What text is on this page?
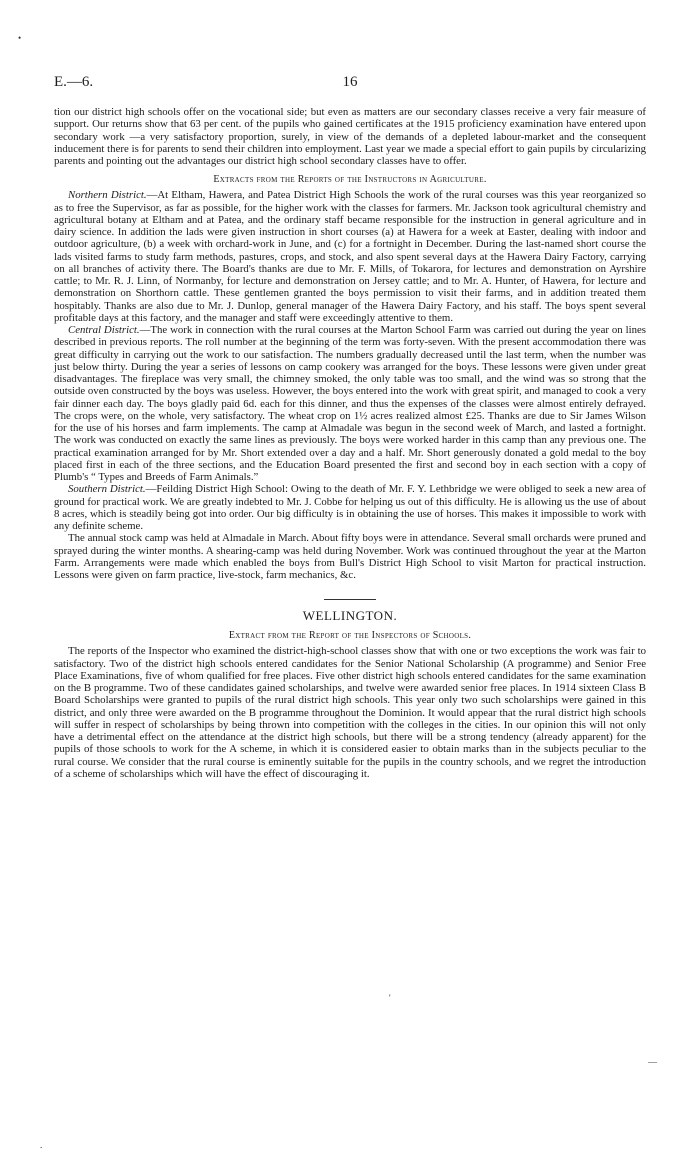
•
'
—
.
E.—6.	16

tion our district high schools offer on the vocational side; but even as matters are our secondary classes receive a very fair measure of support. Our returns show that 63 per cent. of the pupils who gained certificates at the 1915 proficiency examination have entered upon secondary work —a very satisfactory proportion, surely, in view of the demands of a depleted labour-market and the consequent inducement there is for parents to send their children into employment. Last year we made a special effort to gain pupils by circularizing parents and pointing out the advantages our district high school secondary classes have to offer.

Extracts from the Reports of the Instructors in Agriculture.

Northern District.—At Eltham, Hawera, and Patea District High Schools the work of the rural courses was this year reorganized so as to free the Supervisor, as far as possible, for the higher work with the classes for farmers. Mr. Jackson took agricultural chemistry and agricultural botany at Eltham and at Patea, and the ordinary staff became responsible for the instruction in general agriculture and in dairy science. In addition the lads were given instruction in short courses (a) at Hawera for a week at Easter, dealing with indoor and outdoor agriculture, (b) a week with orchard-work in June, and (c) for a fortnight in December. During the last-named short course the lads visited farms to study farm methods, pastures, crops, and stock, and also spent several days at the Hawera Dairy Factory, carrying on all branches of activity there. The Board's thanks are due to Mr. F. Mills, of Tokarora, for lectures and demonstration on Ayrshire cattle; to Mr. R. J. Linn, of Normanby, for lecture and demonstration on Jersey cattle; and to Mr. A. Hunter, of Hawera, for lecture and demonstration on Shorthorn cattle. These gentlemen granted the boys permission to visit their farms, and in addition treated them hospitably. Thanks are also due to Mr. J. Dunlop, general manager of the Hawera Dairy Factory, and his staff. The boys spent several profitable days at this factory, and the manager and staff were exceedingly attentive to them.

Central District.—The work in connection with the rural courses at the Marton School Farm was carried out during the year on lines described in previous reports. The roll number at the beginning of the term was forty-seven. With the present accommodation there was great difficulty in carrying out the work to our satisfaction. The numbers gradually decreased until the last term, when the number was just below thirty. During the year a series of lessons on camp cookery was arranged for the boys. These lessons were given under great disadvantages. The fireplace was very small, the chimney smoked, the only table was too small, and the wind was so strong that the outside oven constructed by the boys was useless. However, the boys entered into the work with great spirit, and managed to cook a very fair dinner each day. The boys gladly paid 6d. each for this dinner, and thus the expenses of the classes were almost entirely defrayed. The crops were, on the whole, very satisfactory. The wheat crop on 1½ acres realized almost £25. Thanks are due to Sir James Wilson for the use of his horses and farm implements. The camp at Almadale was begun in the second week of March, and lasted a fortnight. The work was conducted on exactly the same lines as previously. The boys were worked harder in this camp than any previous one. The practical examination arranged for by Mr. Short extended over a day and a half. Mr. Short generously donated a gold medal to the boy placed first in each of the three sections, and the Education Board presented the first and second boy in each section with a copy of Plumb's “ Types and Breeds of Farm Animals.”

Southern District.—Feilding District High School: Owing to the death of Mr. F. Y. Lethbridge we were obliged to seek a new area of ground for practical work. We are greatly indebted to Mr. J. Cobbe for helping us out of this difficulty. He is allowing us the use of about 8 acres, which is steadily being got into order. Our big difficulty is in obtaining the use of horses. This makes it impossible to work with any definite scheme.

The annual stock camp was held at Almadale in March. About fifty boys were in attendance. Several small orchards were pruned and sprayed during the winter months. A shearing-camp was held during November. Work was continued throughout the year at the Marton Farm. Arrangements were made which enabled the boys from Bull's District High School to visit Marton for practical instruction. Lessons were given on farm practice, live-stock, farm mechanics, &c.

WELLINGTON.
Extract from the Report of the Inspectors of Schools.

The reports of the Inspector who examined the district-high-school classes show that with one or two exceptions the work was fair to satisfactory. Two of the district high schools entered candidates for the Senior National Scholarship (A programme) and Senior Free Place Examinations, five of whom qualified for free places. Five other district high schools entered candidates for the same examination on the B programme. Two of these candidates gained scholarships, and twelve were awarded senior free places. In 1914 sixteen Class B Board Scholarships were granted to pupils of the rural district high schools. This year only two such scholarships were gained in this district, and only three were awarded on the B programme throughout the Dominion. It would appear that the rural district high schools will suffer in respect of scholarships by being thrown into competition with the colleges in the cities. In our opinion this will not only have a detrimental effect on the attendance at the district high schools, but there will be a strong tendency (already apparent) for the pupils of those schools to work for the A scheme, in which it is considered easier to obtain marks than in the subjects peculiar to the rural course. We consider that the rural course is eminently suitable for the pupils in the country schools, and we regret the introduction of a scheme of scholarships which will have the effect of discouraging it.
